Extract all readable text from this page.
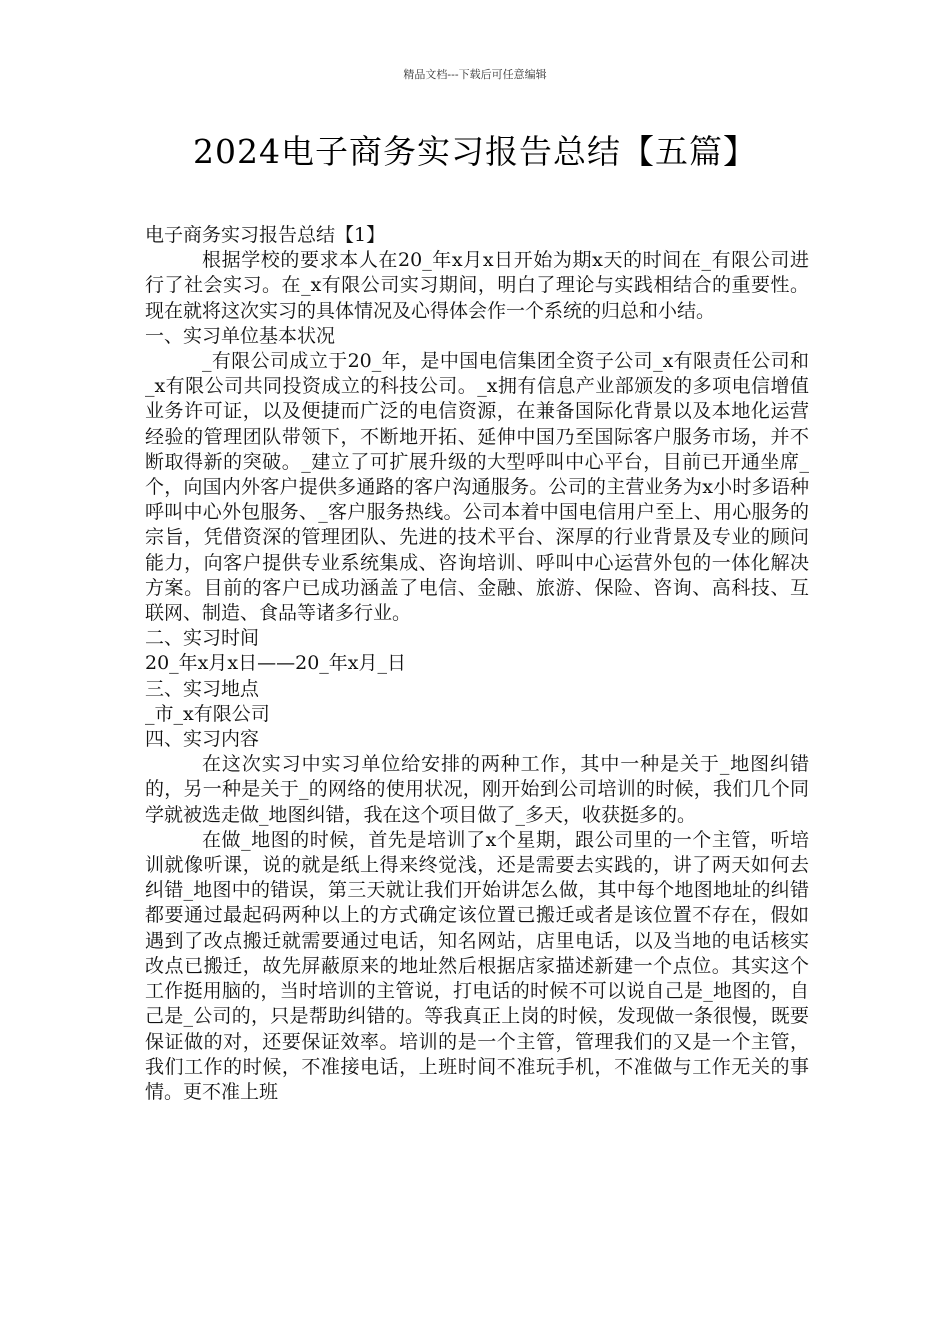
精品文档---下载后可任意编辑
2024电子商务实习报告总结【五篇】

电子商务实习报告总结【1】

根据学校的要求本人在20_年x月x日开始为期x天的时间在_有限公司进行了社会实习。在_x有限公司实习期间，明白了理论与实践相结合的重要性。现在就将这次实习的具体情况及心得体会作一个系统的归总和小结。

一、实习单位基本状况

_有限公司成立于20_年，是中国电信集团全资子公司_x有限责任公司和_x有限公司共同投资成立的科技公司。_x拥有信息产业部颁发的多项电信增值业务许可证，以及便捷而广泛的电信资源，在兼备国际化背景以及本地化运营经验的管理团队带领下，不断地开拓、延伸中国乃至国际客户服务市场，并不断取得新的突破。_建立了可扩展升级的大型呼叫中心平台，目前已开通坐席_个，向国内外客户提供多通路的客户沟通服务。公司的主营业务为x小时多语种呼叫中心外包服务、_客户服务热线。公司本着中国电信用户至上、用心服务的宗旨，凭借资深的管理团队、先进的技术平台、深厚的行业背景及专业的顾问能力，向客户提供专业系统集成、咨询培训、呼叫中心运营外包的一体化解决方案。目前的客户已成功涵盖了电信、金融、旅游、保险、咨询、高科技、互联网、制造、食品等诸多行业。

二、实习时间

20_年x月x日——20_年x月_日

三、实习地点

_市_x有限公司

四、实习内容

在这次实习中实习单位给安排的两种工作，其中一种是关于_地图纠错的，另一种是关于_的网络的使用状况，刚开始到公司培训的时候，我们几个同学就被选走做_地图纠错，我在这个项目做了_多天，收获挺多的。

在做_地图的时候，首先是培训了x个星期，跟公司里的一个主管，听培训就像听课，说的就是纸上得来终觉浅，还是需要去实践的，讲了两天如何去纠错_地图中的错误，第三天就让我们开始讲怎么做，其中每个地图地址的纠错都要通过最起码两种以上的方式确定该位置已搬迁或者是该位置不存在，假如遇到了改点搬迁就需要通过电话，知名网站，店里电话，以及当地的电话核实改点已搬迁，故先屏蔽原来的地址然后根据店家描述新建一个点位。其实这个工作挺用脑的，当时培训的主管说，打电话的时候不可以说自己是_地图的，自己是_公司的，只是帮助纠错的。等我真正上岗的时候，发现做一条很慢，既要保证做的对，还要保证效率。培训的是一个主管，管理我们的又是一个主管，我们工作的时候，不准接电话，上班时间不准玩手机，不准做与工作无关的事情。更不准上班
